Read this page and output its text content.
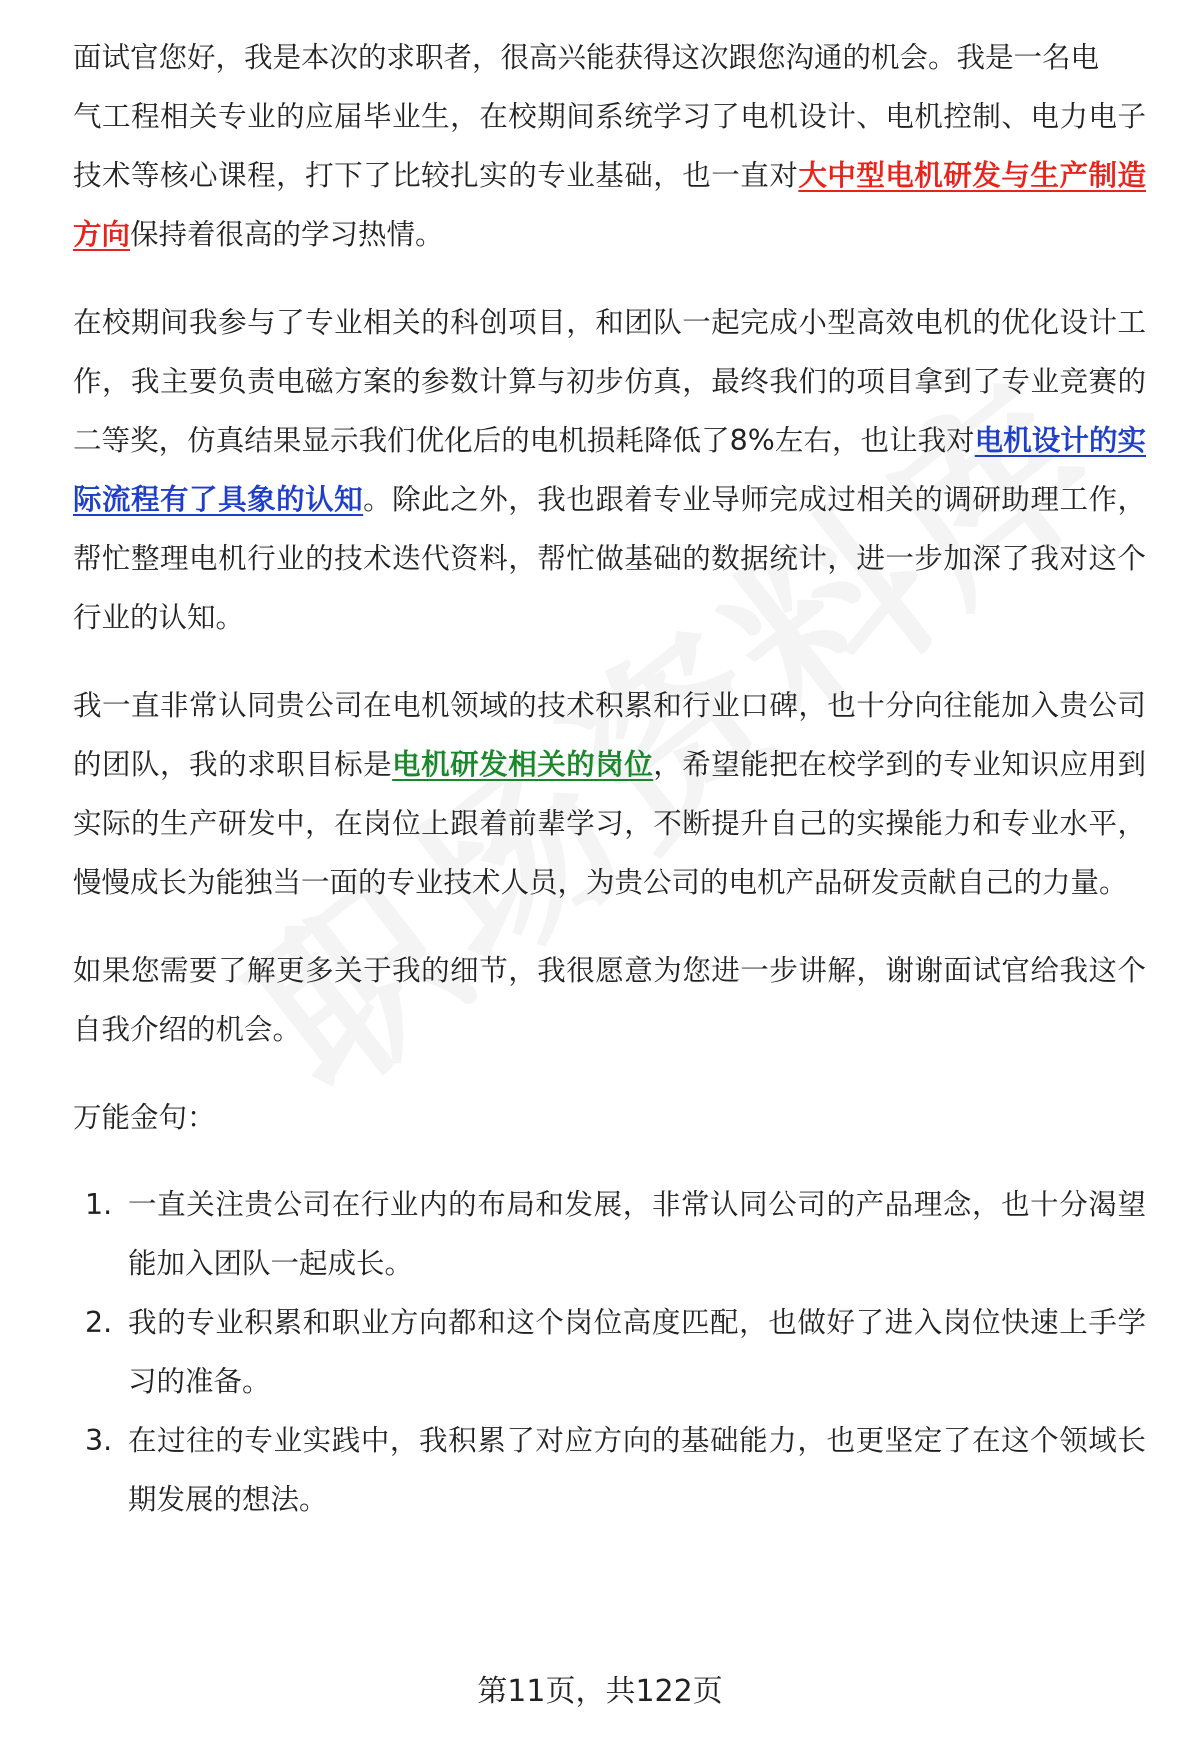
面试官您好，我是本次的求职者，很高兴能获得这次跟您沟通的机会。我是一名电

气工程相关专业的应届毕业生，在校期间系统学习了电机设计、电机控制、电力电子技术等核心课程，打下了比较扎实的专业基础，也一直对大中型电机研发与生产制造方向保持着很高的学习热情。

在校期间我参与了专业相关的科创项目，和团队一起完成小型高效电机的优化设计工作，我主要负责电磁方案的参数计算与初步仿真，最终我们的项目拿到了专业竞赛的二等奖，仿真结果显示我们优化后的电机损耗降低了8%左右，也让我对电机设计的实际流程有了具象的认知。除此之外，我也跟着专业导师完成过相关的调研助理工作，帮忙整理电机行业的技术迭代资料，帮忙做基础的数据统计，进一步加深了我对这个行业的认知。

我一直非常认同贵公司在电机领域的技术积累和行业口碑，也十分向往能加入贵公司的团队，我的求职目标是电机研发相关的岗位，希望能把在校学到的专业知识应用到实际的生产研发中，在岗位上跟着前辈学习，不断提升自己的实操能力和专业水平，慢慢成长为能独当一面的专业技术人员，为贵公司的电机产品研发贡献自己的力量。

如果您需要了解更多关于我的细节，我很愿意为您进一步讲解，谢谢面试官给我这个自我介绍的机会。

万能金句：

1. 一直关注贵公司在行业内的布局和发展，非常认同公司的产品理念，也十分渴望能加入团队一起成长。
2. 我的专业积累和职业方向都和这个岗位高度匹配，也做好了进入岗位快速上手学习的准备。
3. 在过往的专业实践中，我积累了对应方向的基础能力，也更坚定了在这个领域长期发展的想法。
第11页，共122页
